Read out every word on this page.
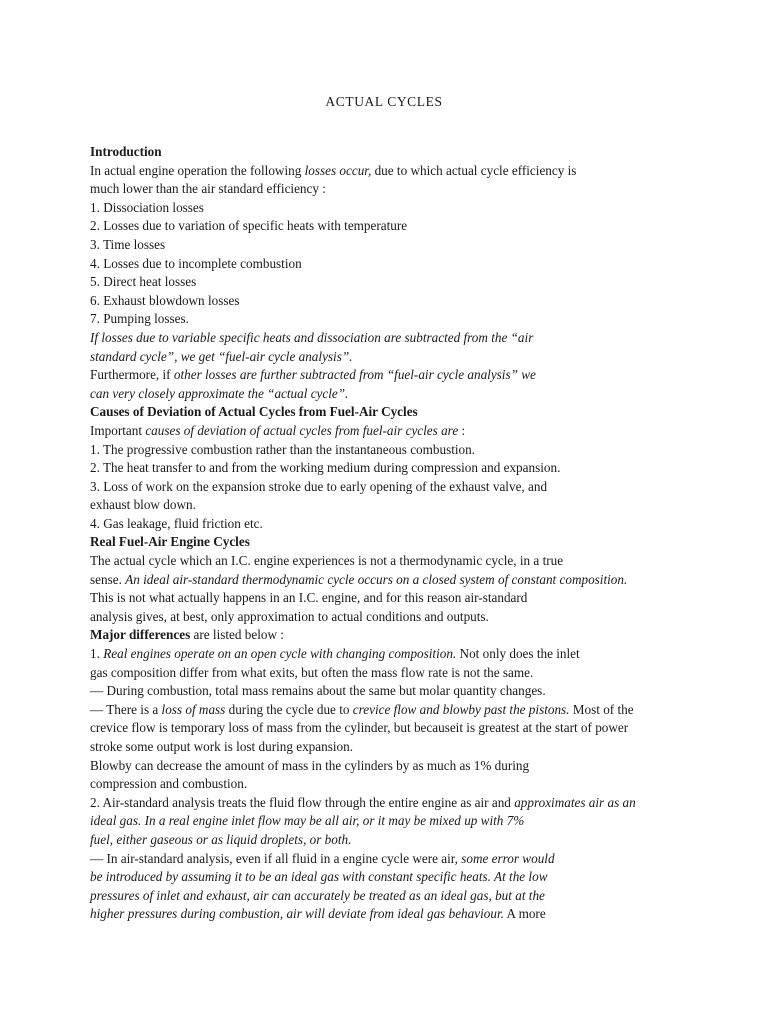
ACTUAL CYCLES
Introduction
In actual engine operation the following losses occur, due to which actual cycle efficiency is
much lower than the air standard efficiency :
1. Dissociation losses
2. Losses due to variation of specific heats with temperature
3. Time losses
4. Losses due to incomplete combustion
5. Direct heat losses
6. Exhaust blowdown losses
7. Pumping losses.
If losses due to variable specific heats and dissociation are subtracted from the “air
standard cycle”, we get “fuel-air cycle analysis”.
Furthermore, if other losses are further subtracted from “fuel-air cycle analysis” we
can very closely approximate the “actual cycle”.
Causes of Deviation of Actual Cycles from Fuel-Air Cycles
Important causes of deviation of actual cycles from fuel-air cycles are :
1. The progressive combustion rather than the instantaneous combustion.
2. The heat transfer to and from the working medium during compression and expansion.
3. Loss of work on the expansion stroke due to early opening of the exhaust valve, and
exhaust blow down.
4. Gas leakage, fluid friction etc.
Real Fuel-Air Engine Cycles
The actual cycle which an I.C. engine experiences is not a thermodynamic cycle, in a true
sense. An ideal air-standard thermodynamic cycle occurs on a closed system of constant composition.
This is not what actually happens in an I.C. engine, and for this reason air-standard
analysis gives, at best, only approximation to actual conditions and outputs.
Major differences are listed below :
1. Real engines operate on an open cycle with changing composition. Not only does the inlet
gas composition differ from what exits, but often the mass flow rate is not the same.
— During combustion, total mass remains about the same but molar quantity changes.
— There is a loss of mass during the cycle due to crevice flow and blowby past the pistons. Most of the
crevice flow is temporary loss of mass from the cylinder, but becauseit is greatest at the start of power
stroke some output work is lost during expansion.
Blowby can decrease the amount of mass in the cylinders by as much as 1% during
compression and combustion.
2. Air-standard analysis treats the fluid flow through the entire engine as air and approximates air as an
ideal gas. In a real engine inlet flow may be all air, or it may be mixed up with 7%
fuel, either gaseous or as liquid droplets, or both.
— In air-standard analysis, even if all fluid in a engine cycle were air, some error would
be introduced by assuming it to be an ideal gas with constant specific heats. At the low
pressures of inlet and exhaust, air can accurately be treated as an ideal gas, but at the
higher pressures during combustion, air will deviate from ideal gas behaviour. A more
